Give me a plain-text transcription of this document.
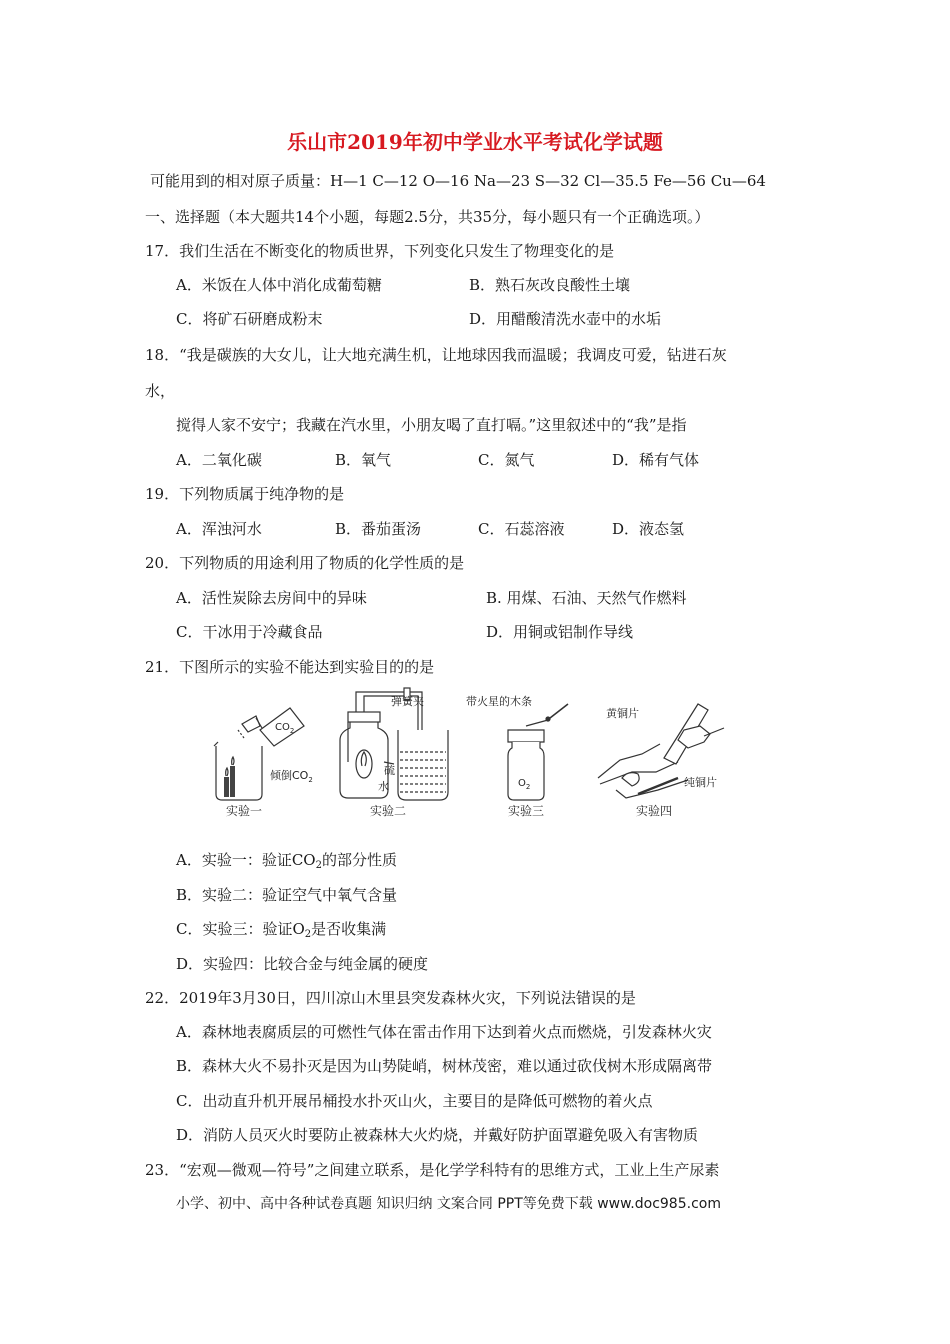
乐山市2019年初中学业水平考试化学试题
可能用到的相对原子质量：H—1 C—12 O—16 Na—23 S—32 Cl—35.5 Fe—56 Cu—64
一、选择题（本大题共14个小题，每题2.5分，共35分，每小题只有一个正确选项。）
17．我们生活在不断变化的物质世界，下列变化只发生了物理变化的是
A．米饭在人体中消化成葡萄糖	B．熟石灰改良酸性土壤
C．将矿石研磨成粉末	D．用醋酸清洗水壶中的水垢
18．“我是碳族的大女儿，让大地充满生机，让地球因我而温暖；我调皮可爱，钻进石灰
水，
搅得人家不安宁；我藏在汽水里，小朋友喝了直打嗝。”这里叙述中的“我”是指
A．二氧化碳	B．氧气	C．氮气	D．稀有气体
19．下列物质属于纯净物的是
A．浑浊河水	B．番茄蛋汤	C．石蕊溶液	D．液态氢
20．下列物质的用途利用了物质的化学性质的是
A．活性炭除去房间中的异味	B. 用煤、石油、天然气作燃料
C．干冰用于冷藏食品	D．用铜或铝制作导线
21．下图所示的实验不能达到实验目的的是
$CO_2$
倾倒$CO_2$
实验一
弹簧夹
硫
水
实验二
带火星的木条
$O_2$
实验三
黄铜片
纯铜片
实验四
A．实验一：验证$CO_2$的部分性质
B．实验二：验证空气中氧气含量
C．实验三：验证$O_2$是否收集满
D．实验四：比较合金与纯金属的硬度
22．2019年3月30日，四川凉山木里县突发森林火灾，下列说法错误的是
A．森林地表腐质层的可燃性气体在雷击作用下达到着火点而燃烧，引发森林火灾
B．森林大火不易扑灭是因为山势陡峭，树林茂密，难以通过砍伐树木形成隔离带
C．出动直升机开展吊桶投水扑灭山火，主要目的是降低可燃物的着火点
D．消防人员灭火时要防止被森林大火灼烧，并戴好防护面罩避免吸入有害物质
23．“宏观—微观—符号”之间建立联系，是化学学科特有的思维方式，工业上生产尿素
小学、初中、高中各种试卷真题 知识归纳 文案合同 PPT等免费下载 www.doc985.com
